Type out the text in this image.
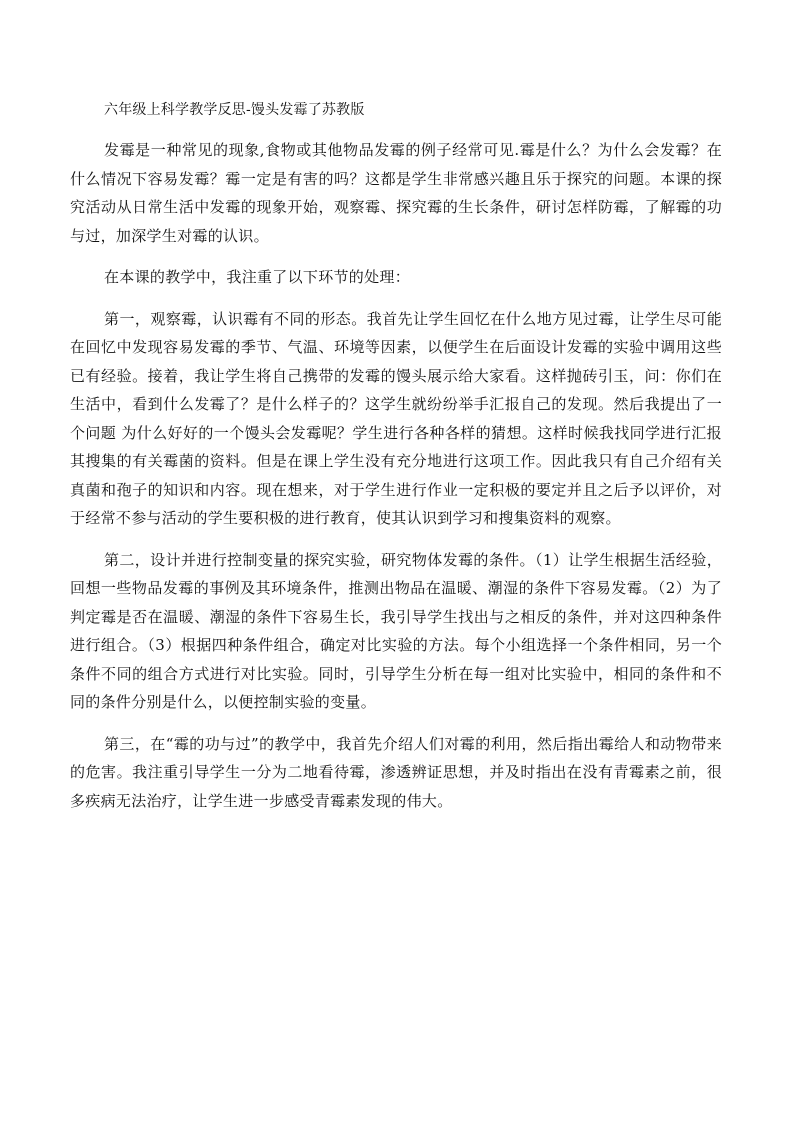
六年级上科学教学反思-馒头发霉了苏教版

发霉是一种常见的现象,食物或其他物品发霉的例子经常可见.霉是什么？为什么会发霉？在什么情况下容易发霉？霉一定是有害的吗？这都是学生非常感兴趣且乐于探究的问题。本课的探究活动从日常生活中发霉的现象开始，观察霉、探究霉的生长条件，研讨怎样防霉，了解霉的功与过，加深学生对霉的认识。

在本课的教学中，我注重了以下环节的处理：

第一，观察霉，认识霉有不同的形态。我首先让学生回忆在什么地方见过霉，让学生尽可能在回忆中发现容易发霉的季节、气温、环境等因素，以便学生在后面设计发霉的实验中调用这些已有经验。接着，我让学生将自己携带的发霉的馒头展示给大家看。这样抛砖引玉，问：你们在生活中，看到什么发霉了？是什么样子的？这学生就纷纷举手汇报自己的发现。然后我提出了一个问题 为什么好好的一个馒头会发霉呢？学生进行各种各样的猜想。这样时候我找同学进行汇报其搜集的有关霉菌的资料。但是在课上学生没有充分地进行这项工作。因此我只有自己介绍有关真菌和孢子的知识和内容。现在想来，对于学生进行作业一定积极的要定并且之后予以评价，对于经常不参与活动的学生要积极的进行教育，使其认识到学习和搜集资料的观察。

第二，设计并进行控制变量的探究实验，研究物体发霉的条件。（1）让学生根据生活经验，回想一些物品发霉的事例及其环境条件，推测出物品在温暖、潮湿的条件下容易发霉。（2）为了判定霉是否在温暖、潮湿的条件下容易生长，我引导学生找出与之相反的条件，并对这四种条件进行组合。（3）根据四种条件组合，确定对比实验的方法。每个小组选择一个条件相同，另一个条件不同的组合方式进行对比实验。同时，引导学生分析在每一组对比实验中，相同的条件和不同的条件分别是什么，以便控制实验的变量。

第三，在“霉的功与过”的教学中，我首先介绍人们对霉的利用，然后指出霉给人和动物带来的危害。我注重引导学生一分为二地看待霉，渗透辨证思想，并及时指出在没有青霉素之前，很多疾病无法治疗，让学生进一步感受青霉素发现的伟大。
